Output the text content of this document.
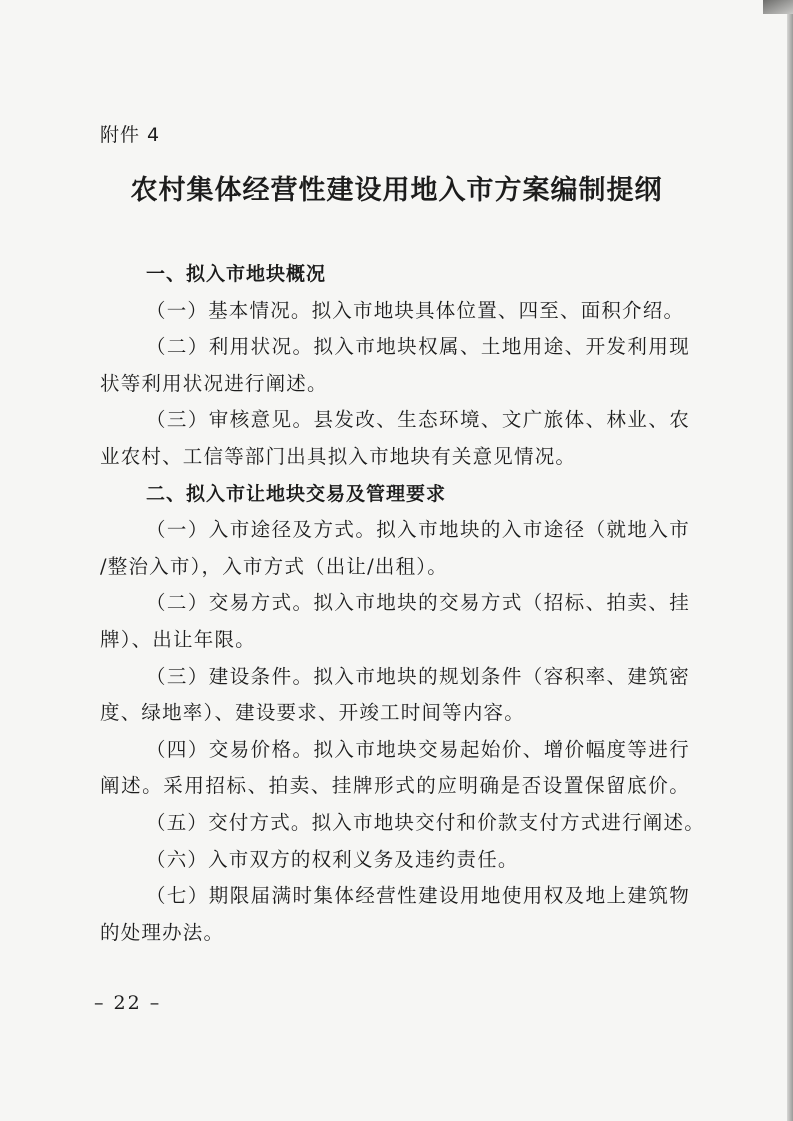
附件 4
农村集体经营性建设用地入市方案编制提纲
一、拟入市地块概况
（一）基本情况。拟入市地块具体位置、四至、面积介绍。
（二）利用状况。拟入市地块权属、土地用途、开发利用现
状等利用状况进行阐述。
（三）审核意见。县发改、生态环境、文广旅体、林业、农
业农村、工信等部门出具拟入市地块有关意见情况。
二、拟入市让地块交易及管理要求
（一）入市途径及方式。拟入市地块的入市途径（就地入市
/整治入市），入市方式（出让/出租）。
（二）交易方式。拟入市地块的交易方式（招标、拍卖、挂
牌）、出让年限。
（三）建设条件。拟入市地块的规划条件（容积率、建筑密
度、绿地率）、建设要求、开竣工时间等内容。
（四）交易价格。拟入市地块交易起始价、增价幅度等进行
阐述。采用招标、拍卖、挂牌形式的应明确是否设置保留底价。
（五）交付方式。拟入市地块交付和价款支付方式进行阐述。
（六）入市双方的权利义务及违约责任。
（七）期限届满时集体经营性建设用地使用权及地上建筑物
的处理办法。
– 22 –
